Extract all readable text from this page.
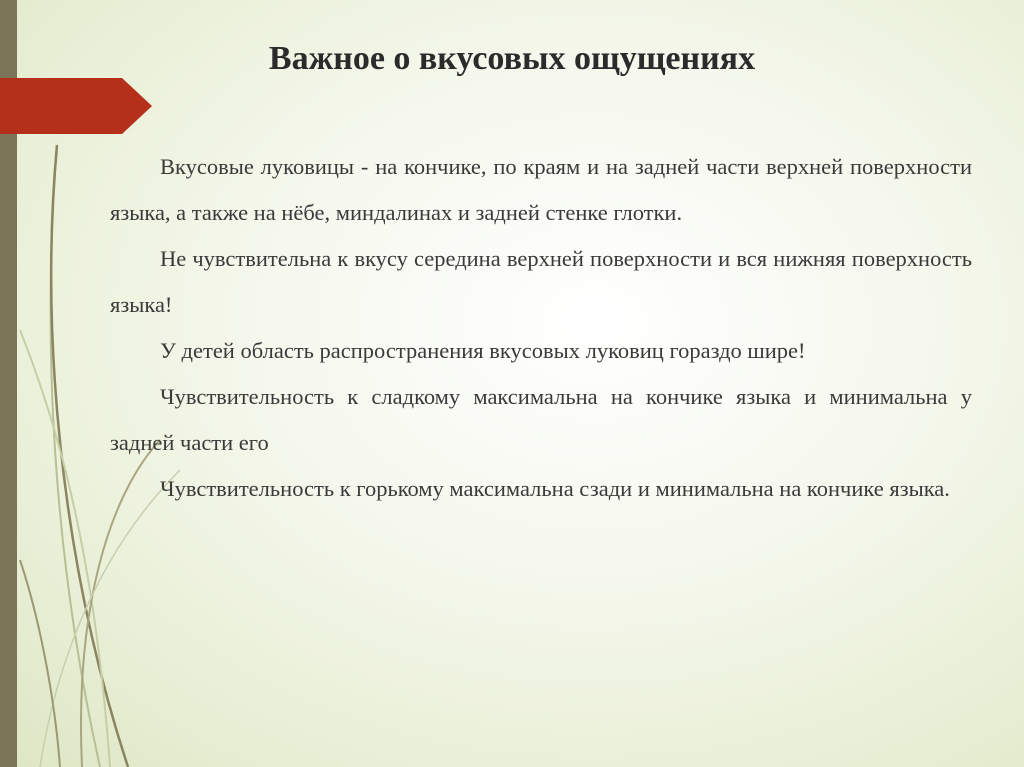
Важное о вкусовых ощущениях

Вкусовые луковицы - на кончике, по краям и на задней части верхней поверхности языка, а также на нёбе, миндалинах и задней стенке глотки.

Не чувствительна к вкусу середина верхней поверхности и вся нижняя поверхность языка!

У детей область распространения вкусовых луковиц гораздо шире!

Чувствительность к сладкому максимальна на кончике языка и минимальна у задней части его

Чувствительность к горькому максимальна сзади и минимальна на кончике языка.
